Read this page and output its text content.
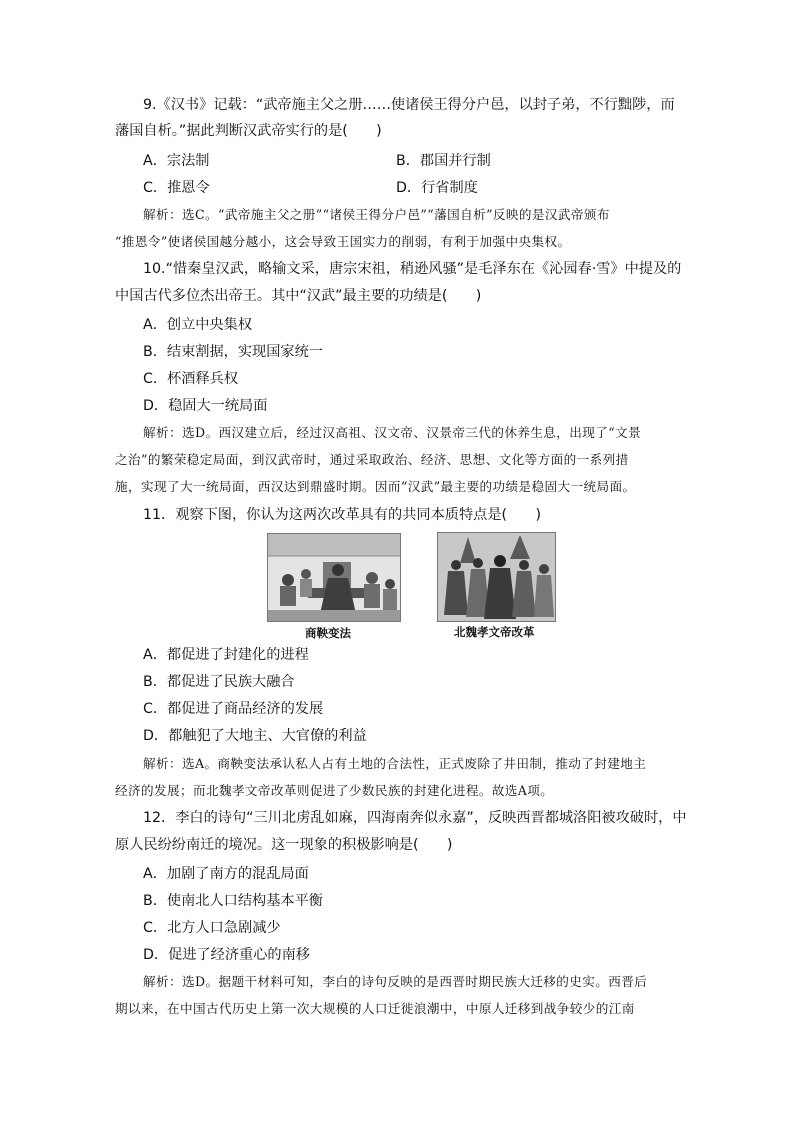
9.《汉书》记载：“武帝施主父之册……使诸侯王得分户邑，以封子弟，不行黜陟，而
藩国自析。”据此判断汉武帝实行的是(　　)
A．宗法制	B．郡国并行制
C．推恩令	D．行省制度
解析：选C。“武帝施主父之册”“诸侯王得分户邑”“藩国自析”反映的是汉武帝颁布
“推恩令”使诸侯国越分越小，这会导致王国实力的削弱，有利于加强中央集权。
10.“惜秦皇汉武，略输文采，唐宗宋祖，稍逊风骚”是毛泽东在《沁园春·雪》中提及的
中国古代多位杰出帝王。其中“汉武”最主要的功绩是(　　)
A．创立中央集权
B．结束割据，实现国家统一
C．杯酒释兵权
D．稳固大一统局面
解析：选D。西汉建立后，经过汉高祖、汉文帝、汉景帝三代的休养生息，出现了“文景
之治”的繁荣稳定局面，到汉武帝时，通过采取政治、经济、思想、文化等方面的一系列措
施，实现了大一统局面，西汉达到鼎盛时期。因而“汉武”最主要的功绩是稳固大一统局面。
11．观察下图，你认为这两次改革具有的共同本质特点是(　　)
商鞅变法	北魏孝文帝改革
A．都促进了封建化的进程
B．都促进了民族大融合
C．都促进了商品经济的发展
D．都触犯了大地主、大官僚的利益
解析：选A。商鞅变法承认私人占有土地的合法性，正式废除了井田制，推动了封建地主
经济的发展；而北魏孝文帝改革则促进了少数民族的封建化进程。故选A项。
12．李白的诗句“三川北虏乱如麻，四海南奔似永嘉”，反映西晋都城洛阳被攻破时，中
原人民纷纷南迁的境况。这一现象的积极影响是(　　)
A．加剧了南方的混乱局面
B．使南北人口结构基本平衡
C．北方人口急剧减少
D．促进了经济重心的南移
解析：选D。据题干材料可知，李白的诗句反映的是西晋时期民族大迁移的史实。西晋后
期以来，在中国古代历史上第一次大规模的人口迁徙浪潮中，中原人迁移到战争较少的江南
